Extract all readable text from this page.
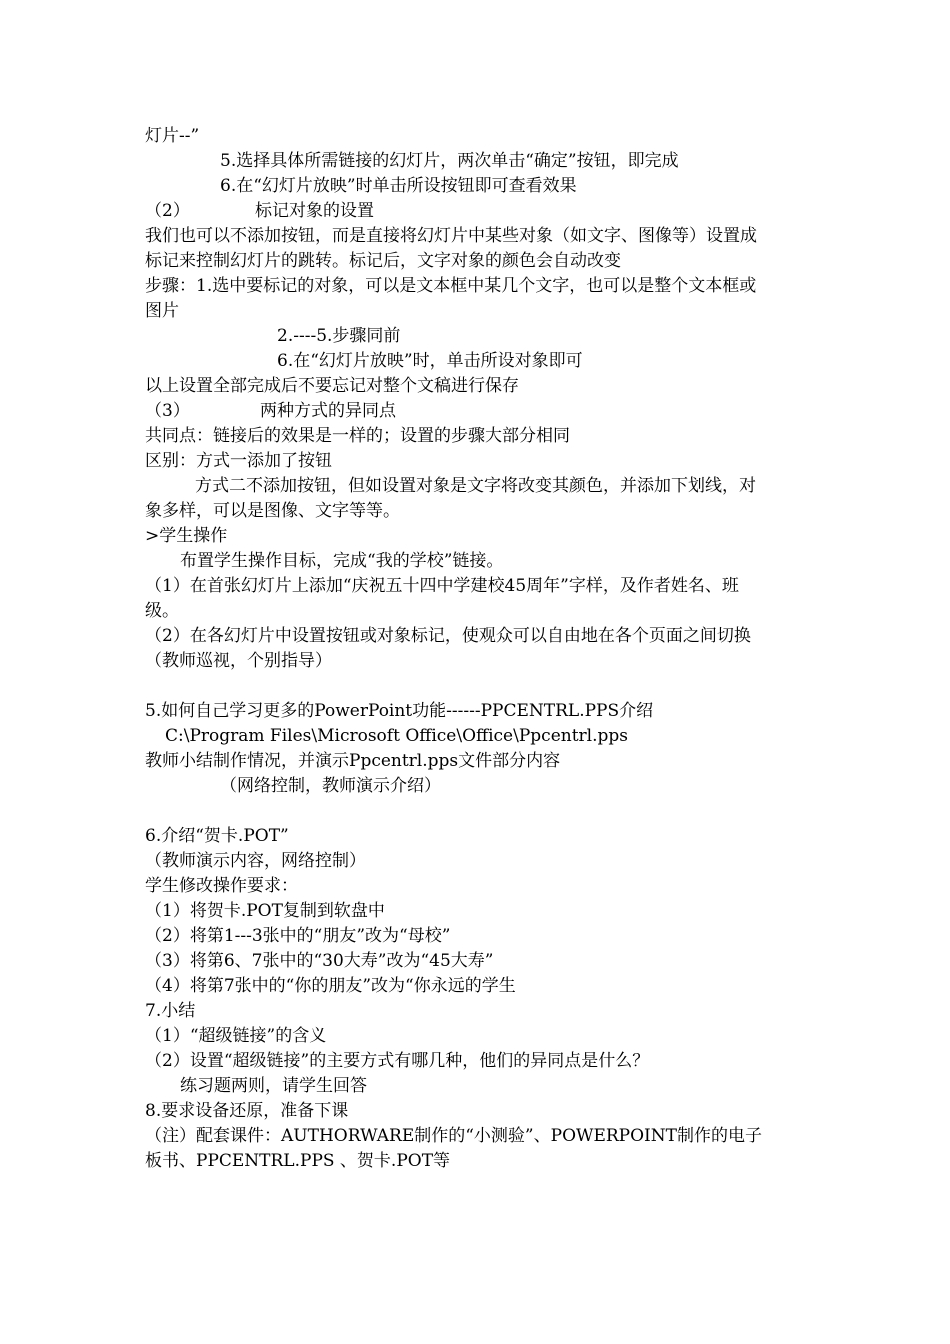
灯片--”
5.选择具体所需链接的幻灯片，两次单击“确定”按钮，即完成
6.在“幻灯片放映”时单击所设按钮即可查看效果
（2）	标记对象的设置
我们也可以不添加按钮，而是直接将幻灯片中某些对象（如文字、图像等）设置成
标记来控制幻灯片的跳转。标记后，文字对象的颜色会自动改变
步骤：1.选中要标记的对象，可以是文本框中某几个文字，也可以是整个文本框或
图片
2.----5.步骤同前
6.在“幻灯片放映”时，单击所设对象即可
以上设置全部完成后不要忘记对整个文稿进行保存
（3）	两种方式的异同点
共同点：链接后的效果是一样的；设置的步骤大部分相同
区别：方式一添加了按钮
方式二不添加按钮，但如设置对象是文字将改变其颜色，并添加下划线，对
象多样，可以是图像、文字等等。
>学生操作
布置学生操作目标，完成“我的学校”链接。
（1）在首张幻灯片上添加“庆祝五十四中学建校45周年”字样，及作者姓名、班
级。
（2）在各幻灯片中设置按钮或对象标记，使观众可以自由地在各个页面之间切换
（教师巡视，个别指导）
5.如何自己学习更多的PowerPoint功能------PPCENTRL.PPS介绍
C:\Program Files\Microsoft Office\Office\Ppcentrl.pps
教师小结制作情况，并演示Ppcentrl.pps文件部分内容
（网络控制，教师演示介绍）
6.介绍“贺卡.POT”
（教师演示内容，网络控制）
学生修改操作要求：
（1）将贺卡.POT复制到软盘中
（2）将第1---3张中的“朋友”改为“母校”
（3）将第6、7张中的“30大寿”改为“45大寿”
（4）将第7张中的“你的朋友”改为“你永远的学生
7.小结
（1）“超级链接”的含义
（2）设置“超级链接”的主要方式有哪几种，他们的异同点是什么？
练习题两则，请学生回答
8.要求设备还原，准备下课
（注）配套课件：AUTHORWARE制作的“小测验”、POWERPOINT制作的电子
板书、PPCENTRL.PPS 、贺卡.POT等
